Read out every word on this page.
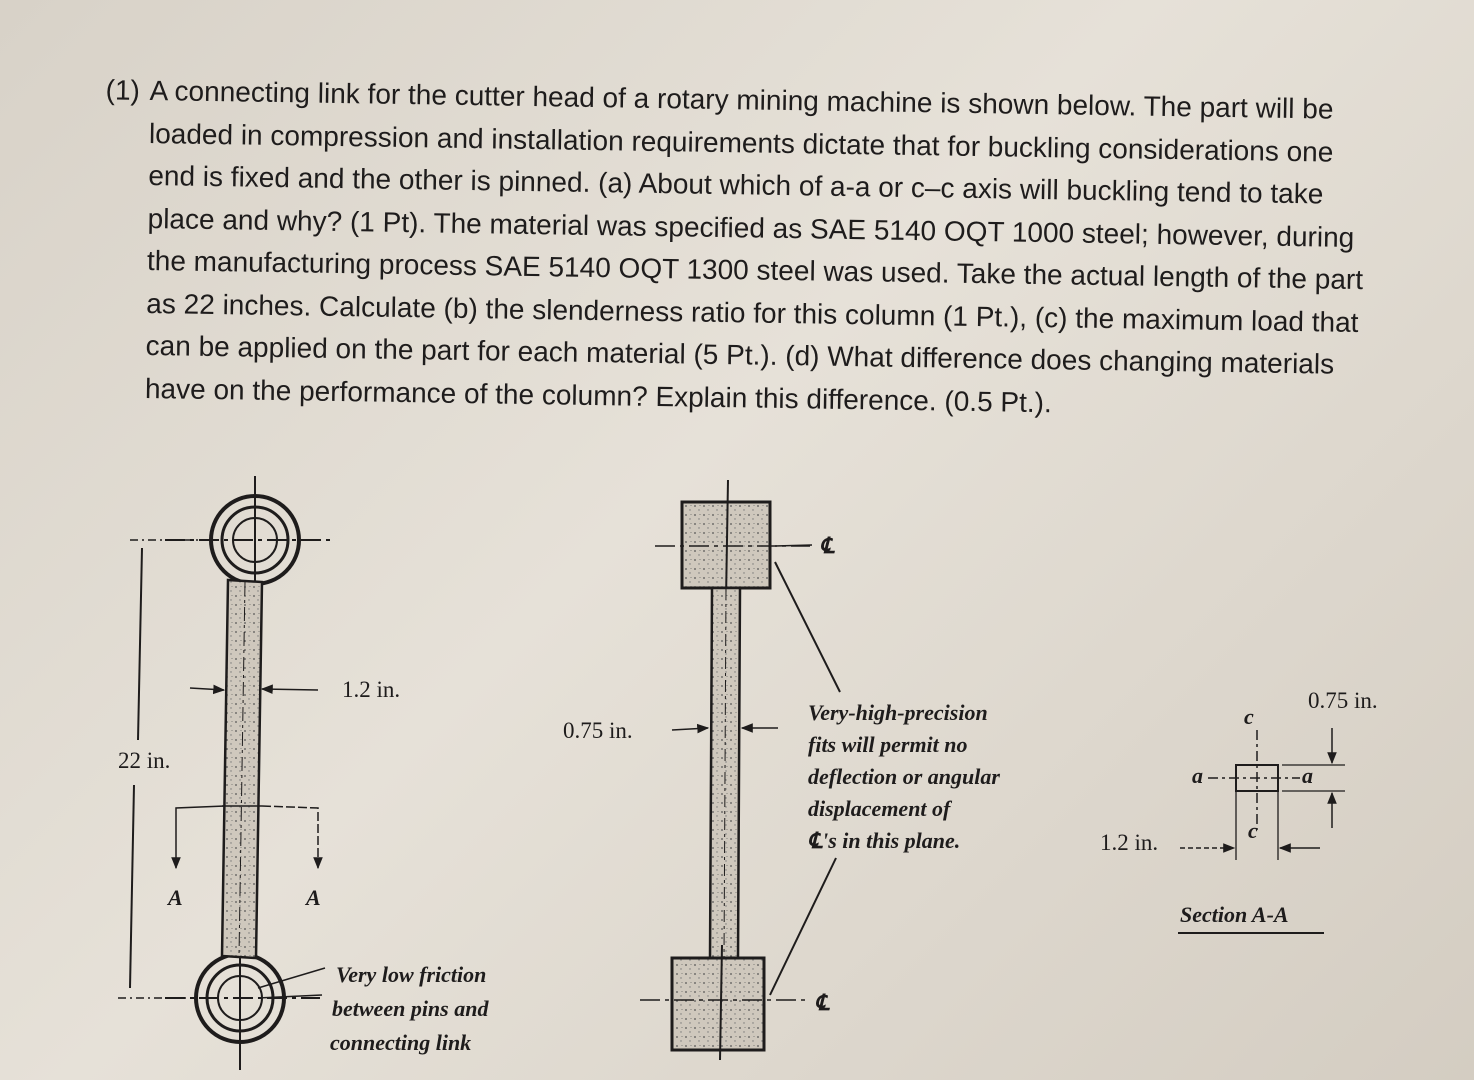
(1) A connecting link for the cutter head of a rotary mining machine is shown below. The part will be loaded in compression and installation requirements dictate that for buckling considerations one end is fixed and the other is pinned. (a) About which of a-a or c–c axis will buckling tend to take place and why? (1 Pt). The material was specified as SAE 5140 OQT 1000 steel; however, during the manufacturing process SAE 5140 OQT 1300 steel was used. Take the actual length of the part as 22 inches. Calculate (b) the slenderness ratio for this column (1 Pt.), (c) the maximum load that can be applied on the part for each material (5 Pt.). (d) What difference does changing materials have on the performance of the column? Explain this difference. (0.5 Pt.).

1.2 in.
22 in.
A	A
Very low friction
between pins and
connecting link
℄
℄
0.75 in.
Very-high-precision
fits will permit no
deflection or angular
displacement of
℄'s in this plane.
c
c
a	a
0.75 in.
1.2 in.
Section A-A
